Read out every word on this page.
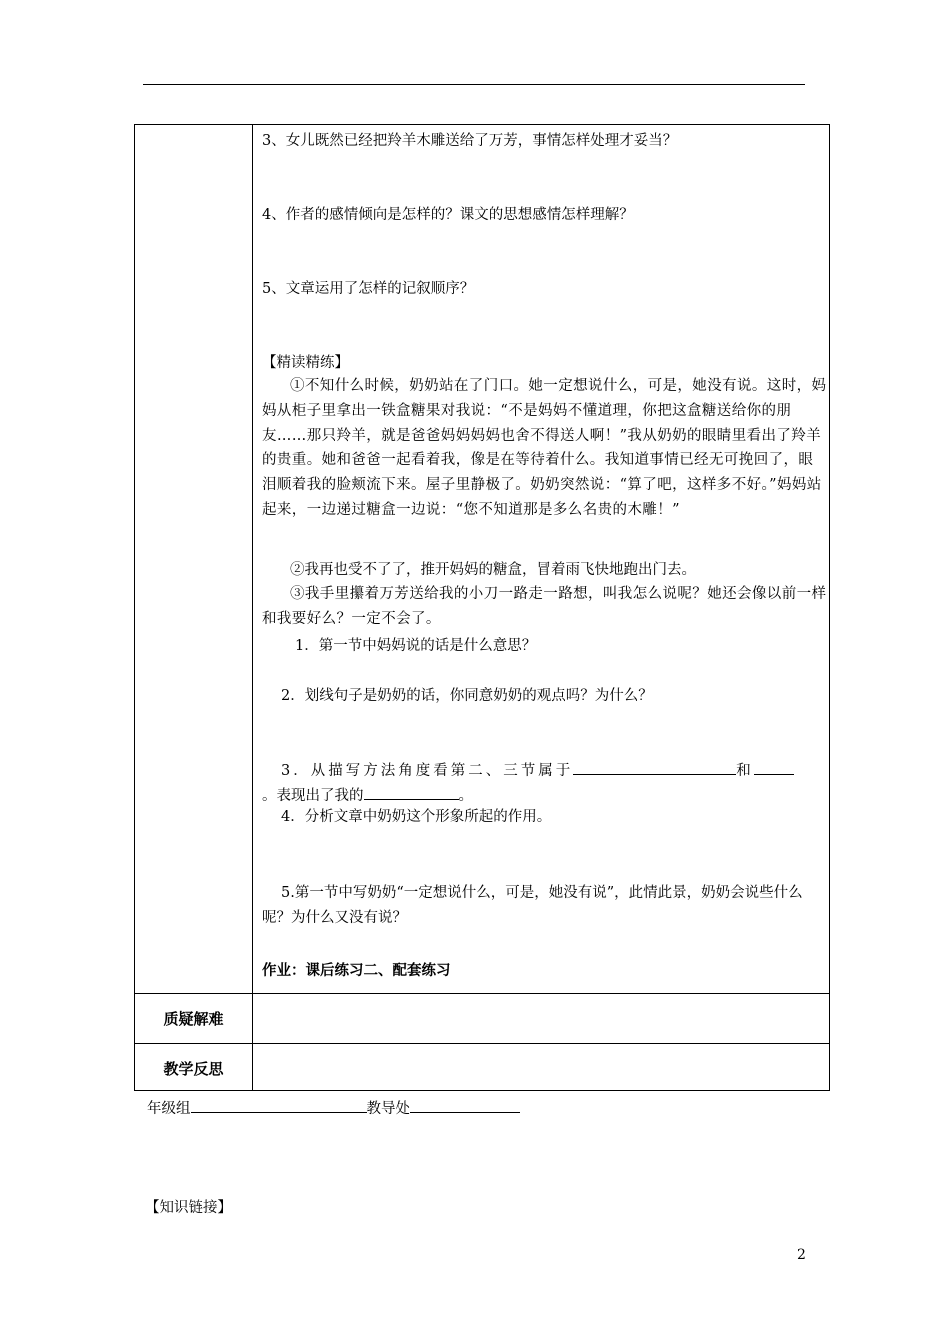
3、女儿既然已经把羚羊木雕送给了万芳，事情怎样处理才妥当？
4、作者的感情倾向是怎样的？课文的思想感情怎样理解？
5、文章运用了怎样的记叙顺序？
【精读精练】
①不知什么时候，奶奶站在了门口。她一定想说什么，可是，她没有说。这时，妈妈从柜子里拿出一铁盒糖果对我说：“不是妈妈不懂道理，你把这盒糖送给你的朋友……那只羚羊，就是爸爸妈妈妈妈也舍不得送人啊！”我从奶奶的眼睛里看出了羚羊的贵重。她和爸爸一起看着我，像是在等待着什么。我知道事情已经无可挽回了，眼泪顺着我的脸颊流下来。屋子里静极了。奶奶突然说：“算了吧，这样多不好。”妈妈站起来，一边递过糖盒一边说：“您不知道那是多么名贵的木雕！”
②我再也受不了了，推开妈妈的糖盒，冒着雨飞快地跑出门去。
③我手里攥着万芳送给我的小刀一路走一路想，叫我怎么说呢？她还会像以前一样和我要好么？一定不会了。
1．第一节中妈妈说的话是什么意思？
2．划线句子是奶奶的话，你同意奶奶的观点吗？为什么？
3．从描写方法角度看第二、三节属于	和
。表现出了我的	。
4．分析文章中奶奶这个形象所起的作用。
5.第一节中写奶奶“一定想说什么，可是，她没有说”，此情此景，奶奶会说些什么呢？为什么又没有说？
作业：课后练习二、配套练习
质疑解难
教学反思
年级组	教导处
【知识链接】
2
